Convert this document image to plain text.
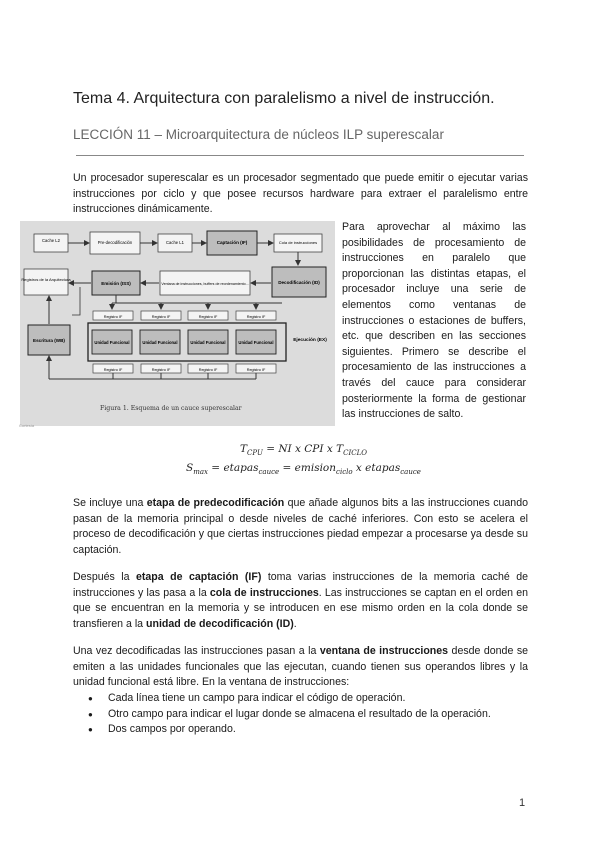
Tema 4. Arquitectura con paralelismo a nivel de instrucción.
LECCIÓN 11 – Microarquitectura de núcleos ILP superescalar
Un procesador superescalar es un procesador segmentado que puede emitir o ejecutar varias instrucciones por ciclo y que posee recursos hardware para extraer el paralelismo entre instrucciones dinámicamente.
Cache L2	Pre-decodificación	Cache L1	Captación (IF)	Cola de instrucciones
Registros de la Arquitectura
Emisión (ISS)	Ventana de instrucciones, buffers de reordenamiento...	Decodificación (ID)
Registro IF	Registro IF	Registro IF	Registro IF
Unidad Funcional	Unidad Funcional	Unidad Funcional	Unidad Funcional	Ejecución (EX)
Registro IF	Registro IF	Registro IF	Registro IF
Escritura (WB)
Figura 1. Esquema de un cauce superescalar
Cortesía
Para aprovechar al máximo las posibilidades de procesamiento de instrucciones en paralelo que proporcionan las distintas etapas, el procesador incluye una serie de elementos como ventanas de instrucciones o estaciones de buffers, etc. que describen en las secciones siguientes. Primero se describe el procesamiento de las instrucciones a través del cauce para considerar posteriormente la forma de gestionar las instrucciones de salto.
$T_{CPU}$ = NI x CPI x $T_{CICLO}$
$S_{max}$ = etapas$_{cauce}$ = emision$_{ciclo}$ x etapas$_{cauce}$
Se incluye una etapa de predecodificación que añade algunos bits a las instrucciones cuando pasan de la memoria principal o desde niveles de caché inferiores. Con esto se acelera el proceso de decodificación y que ciertas instrucciones piedad empezar a procesarse ya desde su captación.
Después la etapa de captación (IF) toma varias instrucciones de la memoria caché de instrucciones y las pasa a la cola de instrucciones. Las instrucciones se captan en el orden en que se encuentran en la memoria y se introducen en ese mismo orden en la cola donde se transfieren a la unidad de decodificación (ID).
Una vez decodificadas las instrucciones pasan a la ventana de instrucciones desde donde se emiten a las unidades funcionales que las ejecutan, cuando tienen sus operandos libres y la unidad funcional está libre. En la ventana de instrucciones:
● Cada línea tiene un campo para indicar el código de operación.
● Otro campo para indicar el lugar donde se almacena el resultado de la operación.
● Dos campos por operando.
1
